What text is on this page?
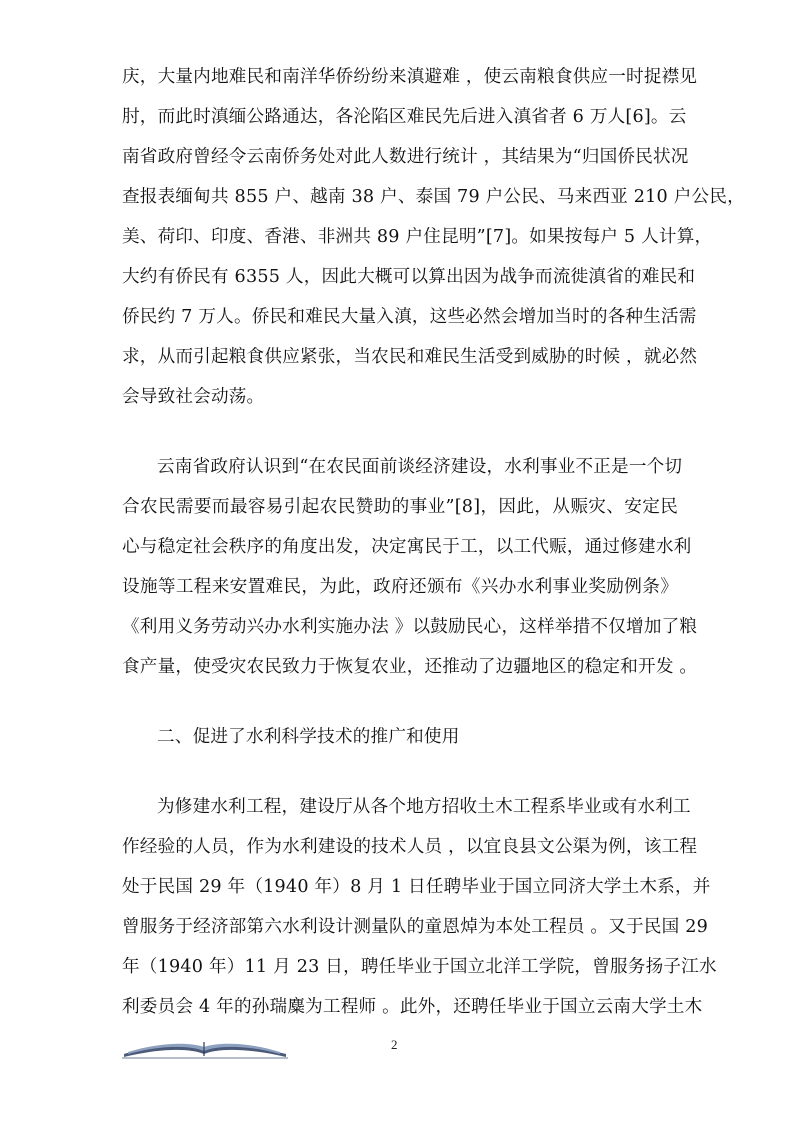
庆，大量内地难民和南洋华侨纷纷来滇避难 ，使云南粮食供应一时捉襟见
肘，而此时滇缅公路通达，各沦陷区难民先后进入滇省者 6 万人[6]。云
南省政府曾经令云南侨务处对此人数进行统计 ，其结果为“归国侨民状况
查报表缅甸共 855 户、越南 38 户、泰国 79 户公民、马来西亚 210 户公民，
美、荷印、印度、香港、非洲共 89 户住昆明”[7]。如果按每户 5 人计算，
大约有侨民有 6355 人，因此大概可以算出因为战争而流徙滇省的难民和
侨民约 7 万人。侨民和难民大量入滇，这些必然会增加当时的各种生活需
求，从而引起粮食供应紧张，当农民和难民生活受到威胁的时候 ，就必然
会导致社会动荡。
云南省政府认识到“在农民面前谈经济建设，水利事业不正是一个切
合农民需要而最容易引起农民赞助的事业”[8]，因此，从赈灾、安定民
心与稳定社会秩序的角度出发，决定寓民于工，以工代赈，通过修建水利
设施等工程来安置难民，为此，政府还颁布《兴办水利事业奖励例条》
《利用义务劳动兴办水利实施办法 》以鼓励民心，这样举措不仅增加了粮
食产量，使受灾农民致力于恢复农业，还推动了边疆地区的稳定和开发 。
二、促进了水利科学技术的推广和使用
为修建水利工程，建设厅从各个地方招收土木工程系毕业或有水利工
作经验的人员，作为水利建设的技术人员 ，以宜良县文公渠为例，该工程
处于民国 29 年（1940 年）8 月 1 日任聘毕业于国立同济大学土木系，并
曾服务于经济部第六水利设计测量队的童恩焯为本处工程员 。又于民国 29
年（1940 年）11 月 23 日，聘任毕业于国立北洋工学院，曾服务扬子江水
利委员会 4 年的孙瑞麋为工程师 。此外，还聘任毕业于国立云南大学土木
2
